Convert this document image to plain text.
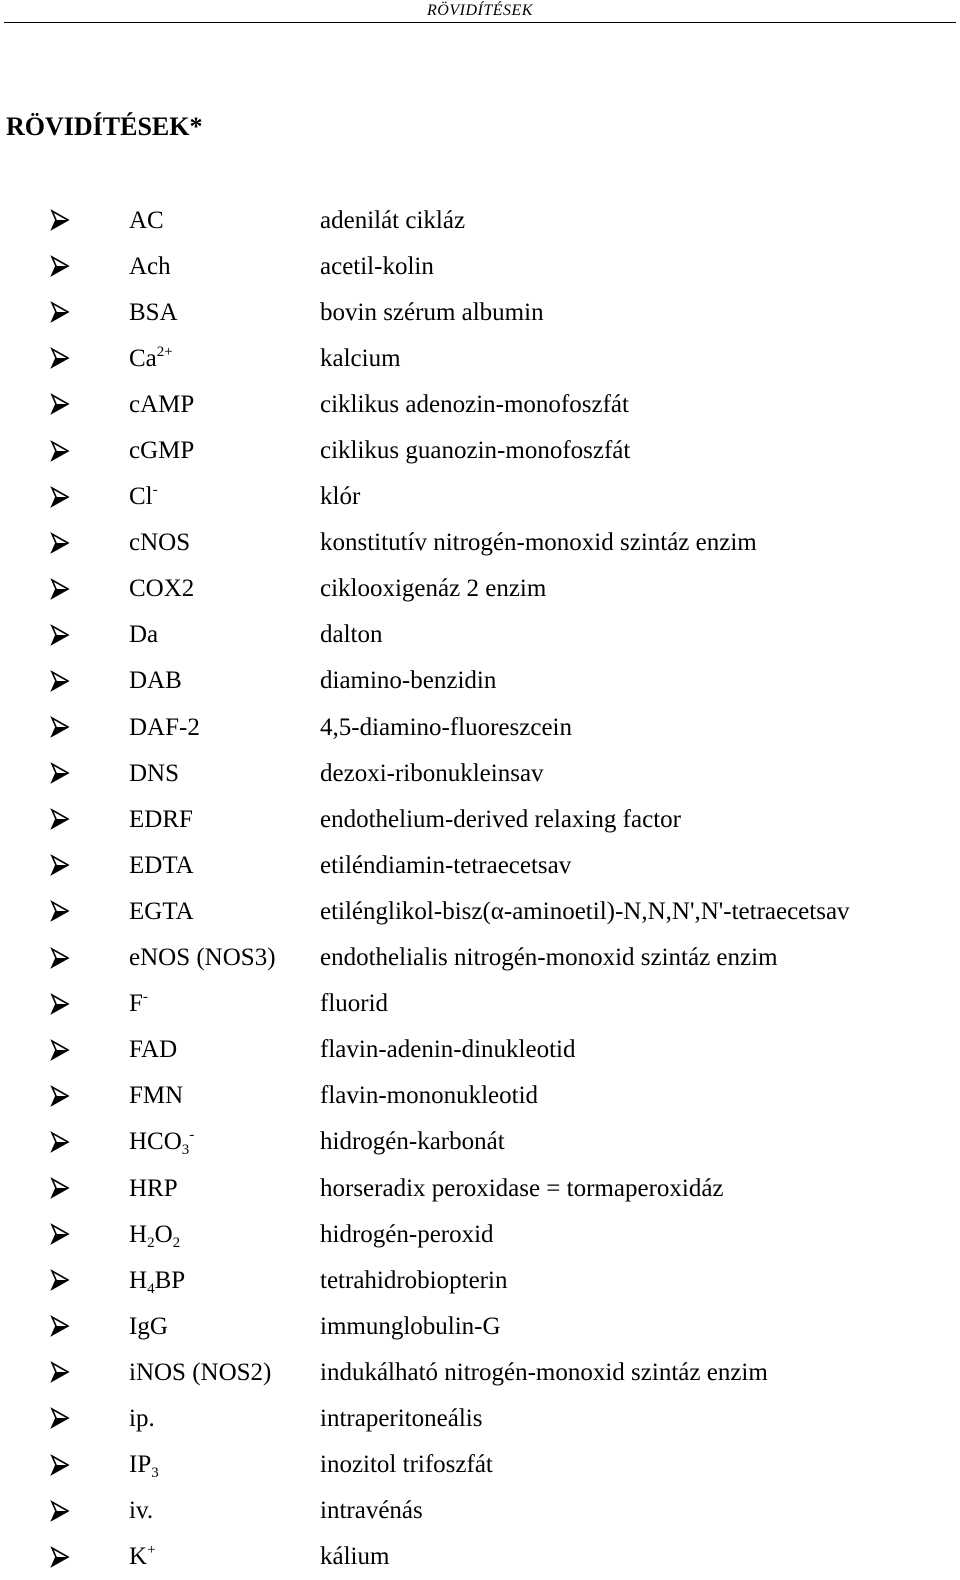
RÖVIDÍTÉSEK
RÖVIDÍTÉSEK*
AC	adenilát cikláz
Ach	acetil-kolin
BSA	bovin szérum albumin
$Ca^{2+}$	kalcium
cAMP	ciklikus adenozin-monofoszfát
cGMP	ciklikus guanozin-monofoszfát
Cl-	klór
cNOS	konstitutív nitrogén-monoxid szintáz enzim
COX2	ciklooxigenáz 2 enzim
Da	dalton
DAB	diamino-benzidin
DAF-2	4,5-diamino-fluoreszcein
DNS	dezoxi-ribonukleinsav
EDRF	endothelium-derived relaxing factor
EDTA	etiléndiamin-tetraecetsav
EGTA	etilénglikol-bisz(α-aminoetil)-N,N,N',N'-tetraecetsav
eNOS (NOS3)	endothelialis nitrogén-monoxid szintáz enzim
F-	fluorid
FAD	flavin-adenin-dinukleotid
FMN	flavin-mononukleotid
$HCO_3^-$	hidrogén-karbonát
HRP	horseradix peroxidase = tormaperoxidáz
$H_2O_2$	hidrogén-peroxid
$H_4BP$	tetrahidrobiopterin
IgG	immunglobulin-G
iNOS (NOS2)	indukálható nitrogén-monoxid szintáz enzim
ip.	intraperitoneális
$IP_3$	inozitol trifoszfát
iv.	intravénás
K+	kálium
